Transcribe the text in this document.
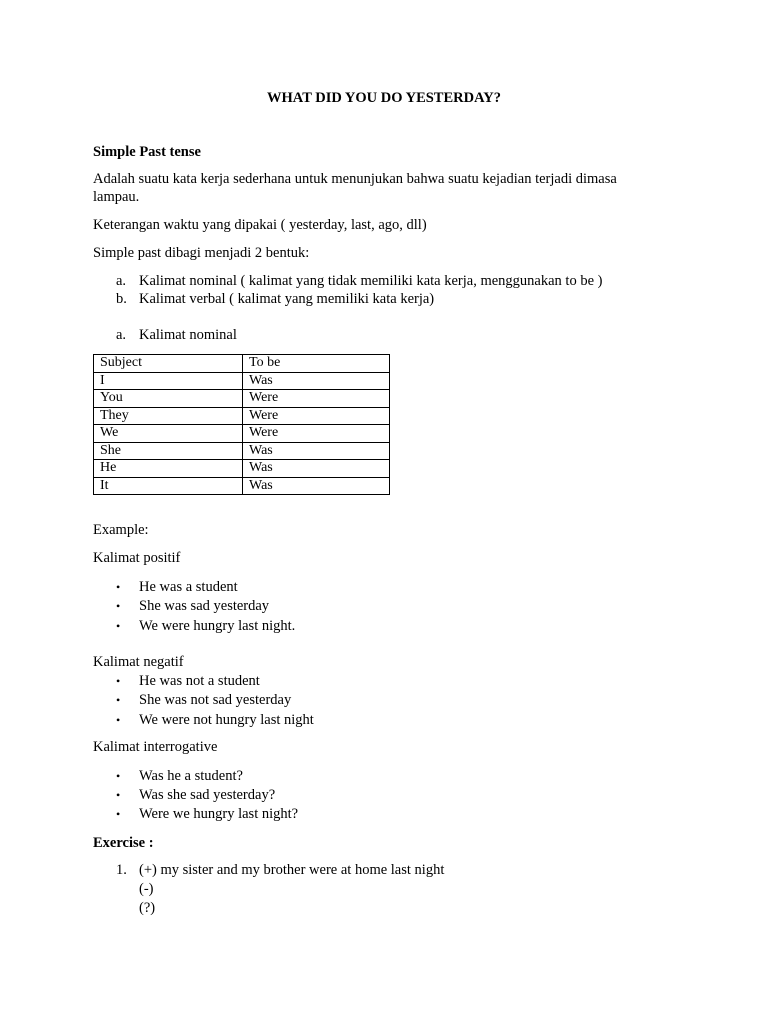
WHAT DID YOU DO YESTERDAY?
Simple Past tense
Adalah suatu kata kerja sederhana untuk menunjukan bahwa suatu kejadian terjadi dimasa
lampau.
Keterangan waktu yang dipakai ( yesterday, last, ago, dll)
Simple past dibagi menjadi 2 bentuk:
a. Kalimat nominal ( kalimat yang tidak memiliki kata kerja, menggunakan to be )
b. Kalimat verbal ( kalimat yang memiliki kata kerja)
a. Kalimat nominal
Subject	To be
I	Was
You	Were
They	Were
We	Were
She	Was
He	Was
It	Was
Example:
Kalimat positif
• He was a student
• She was sad yesterday
• We were hungry last night.
Kalimat negatif
• He was not a student
• She was not sad yesterday
• We were not hungry last night
Kalimat interrogative
• Was he a student?
• Was she sad yesterday?
• Were we hungry last night?
Exercise :
1. (+) my sister and my brother were at home last night
(-)
(?)
